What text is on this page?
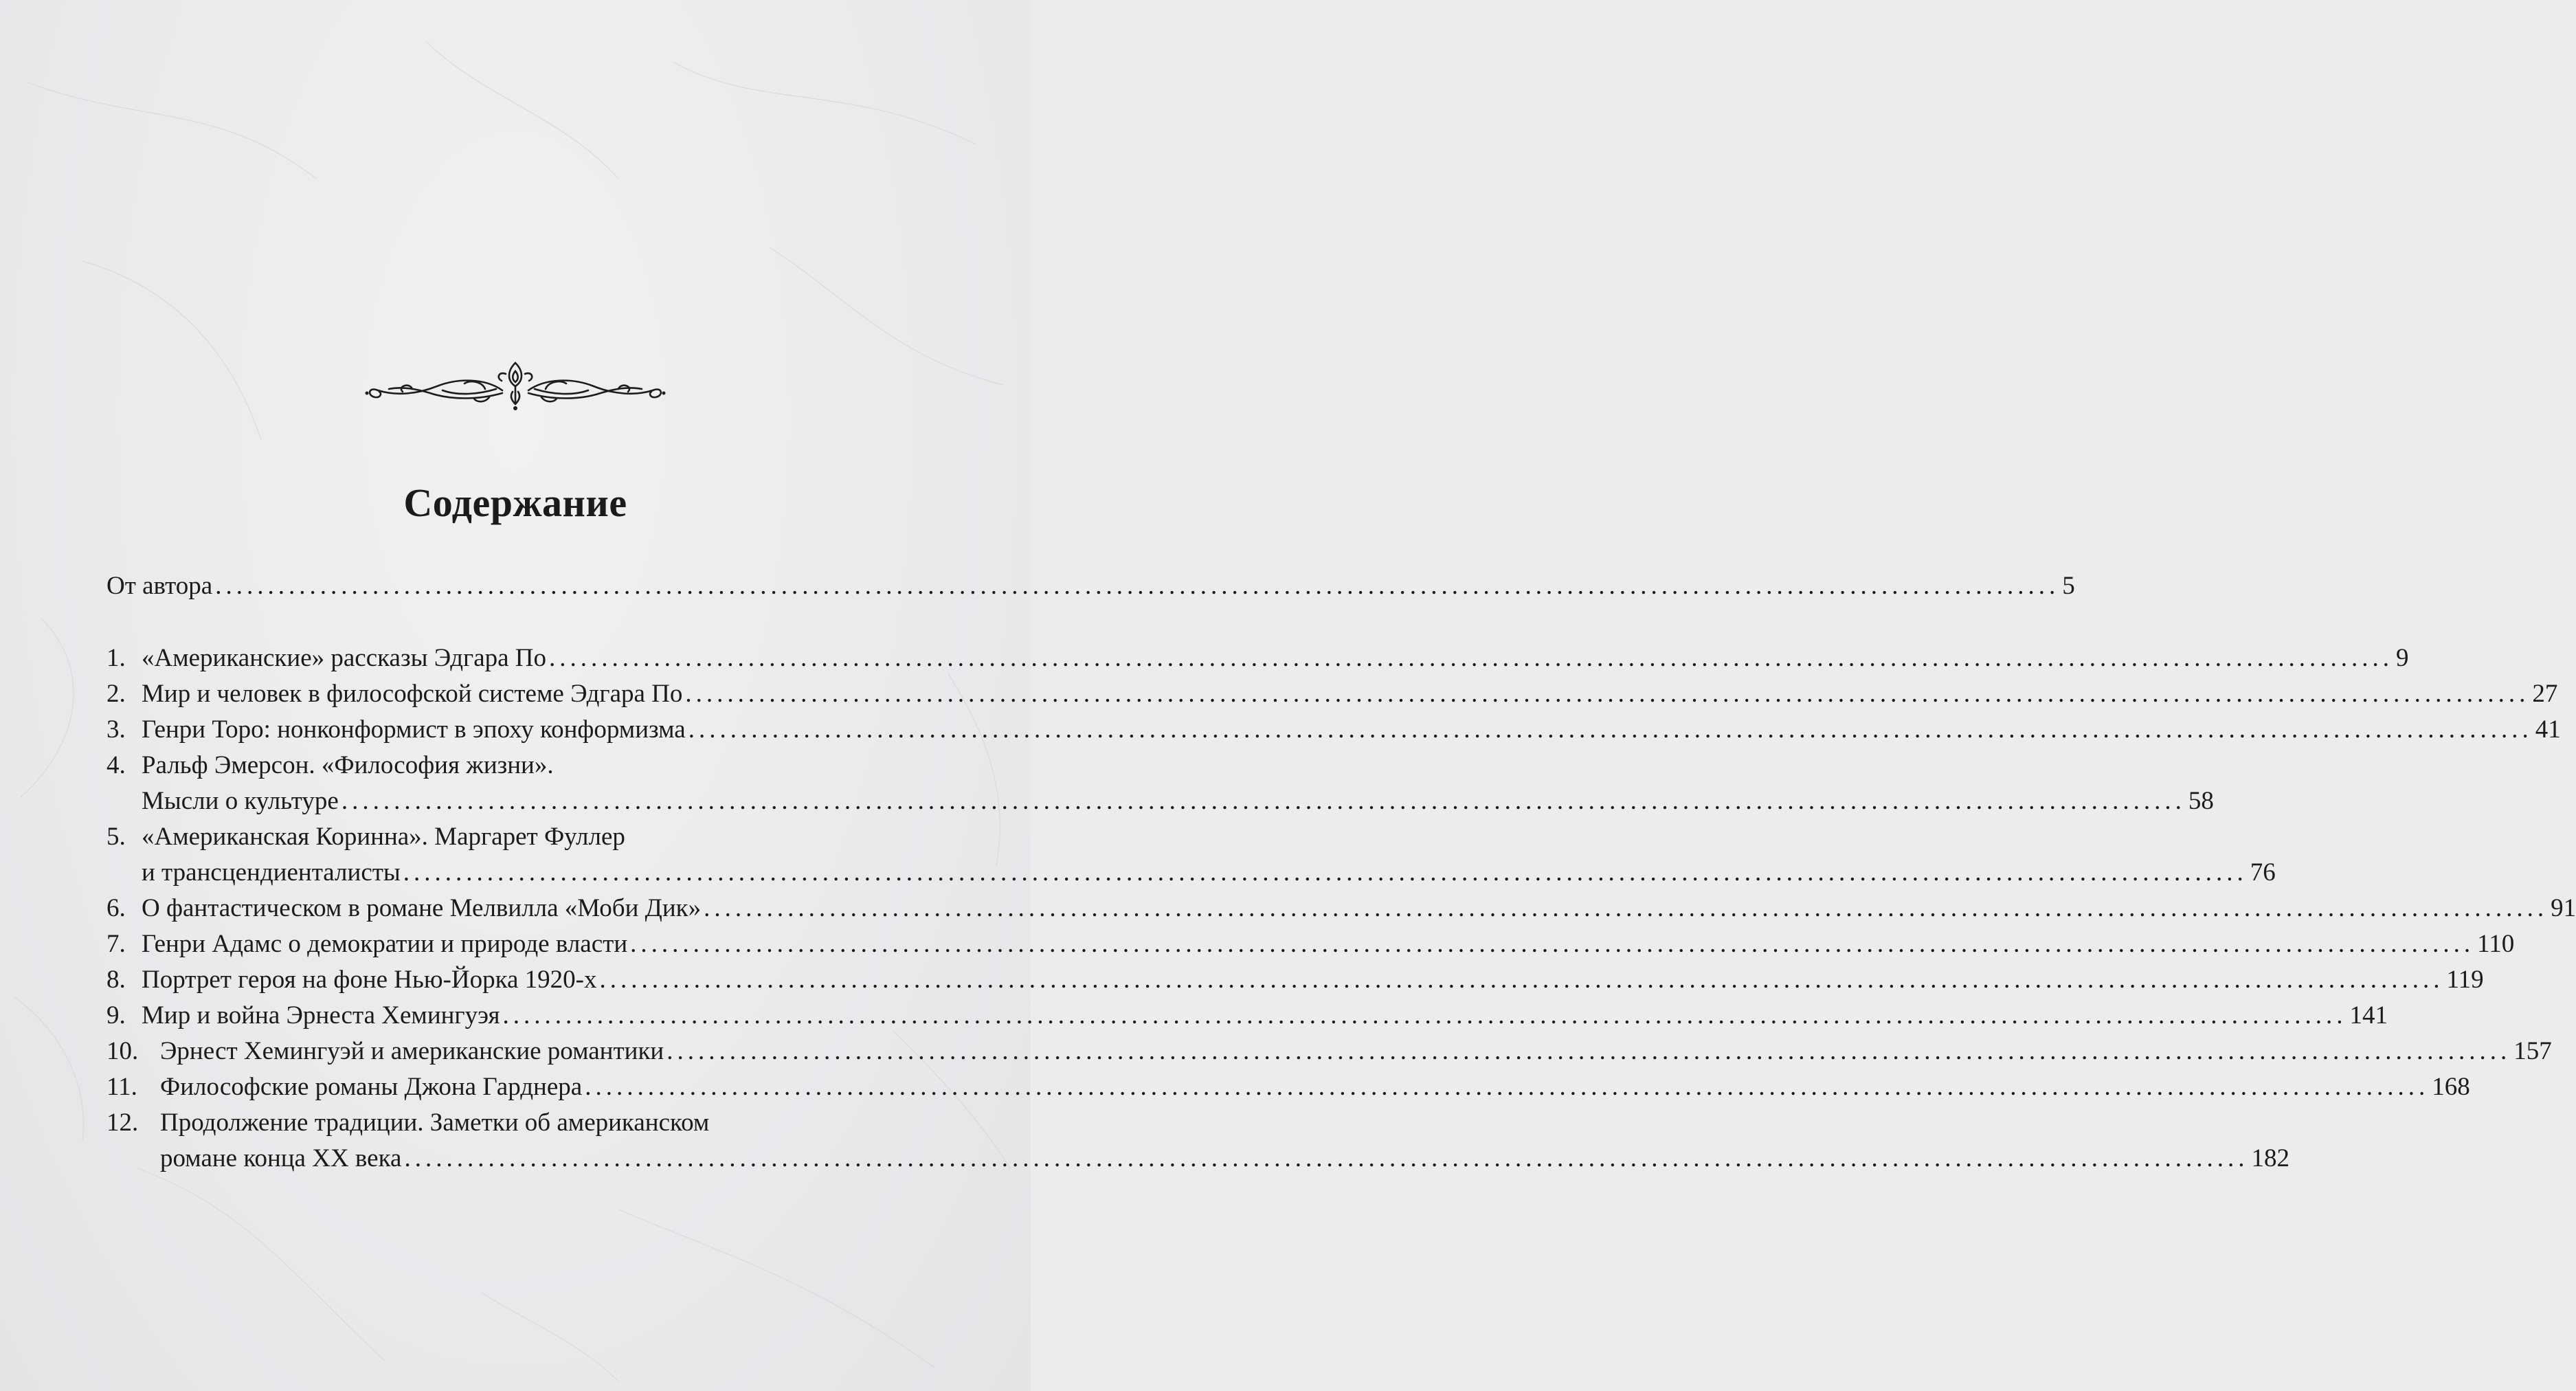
Содержание
От автора ................................................................................................................................................................................ 5
1. «Американские» рассказы Эдгара По ................................................................................................................................................................................ 9
2. Мир и человек в философской системе Эдгара По ................................................................................................................................................................................ 27
3. Генри Торо: нонконформист в эпоху конформизма ................................................................................................................................................................................ 41
4. Ральф Эмерсон. «Философия жизни».
Мысли о культуре ................................................................................................................................................................................ 58
5. «Американская Коринна». Маргарет Фуллер
и трансцендиенталисты ................................................................................................................................................................................ 76
6. О фантастическом в романе Мелвилла «Моби Дик» ................................................................................................................................................................................ 91
7. Генри Адамс о демократии и природе власти ................................................................................................................................................................................ 110
8. Портрет героя на фоне Нью-Йорка 1920-х ................................................................................................................................................................................ 119
9. Мир и война Эрнеста Хемингуэя ................................................................................................................................................................................ 141
10. Эрнест Хемингуэй и американские романтики ................................................................................................................................................................................ 157
11. Философские романы Джона Гарднера ................................................................................................................................................................................ 168
12. Продолжение традиции. Заметки об американском
романе конца XX века ................................................................................................................................................................................ 182
